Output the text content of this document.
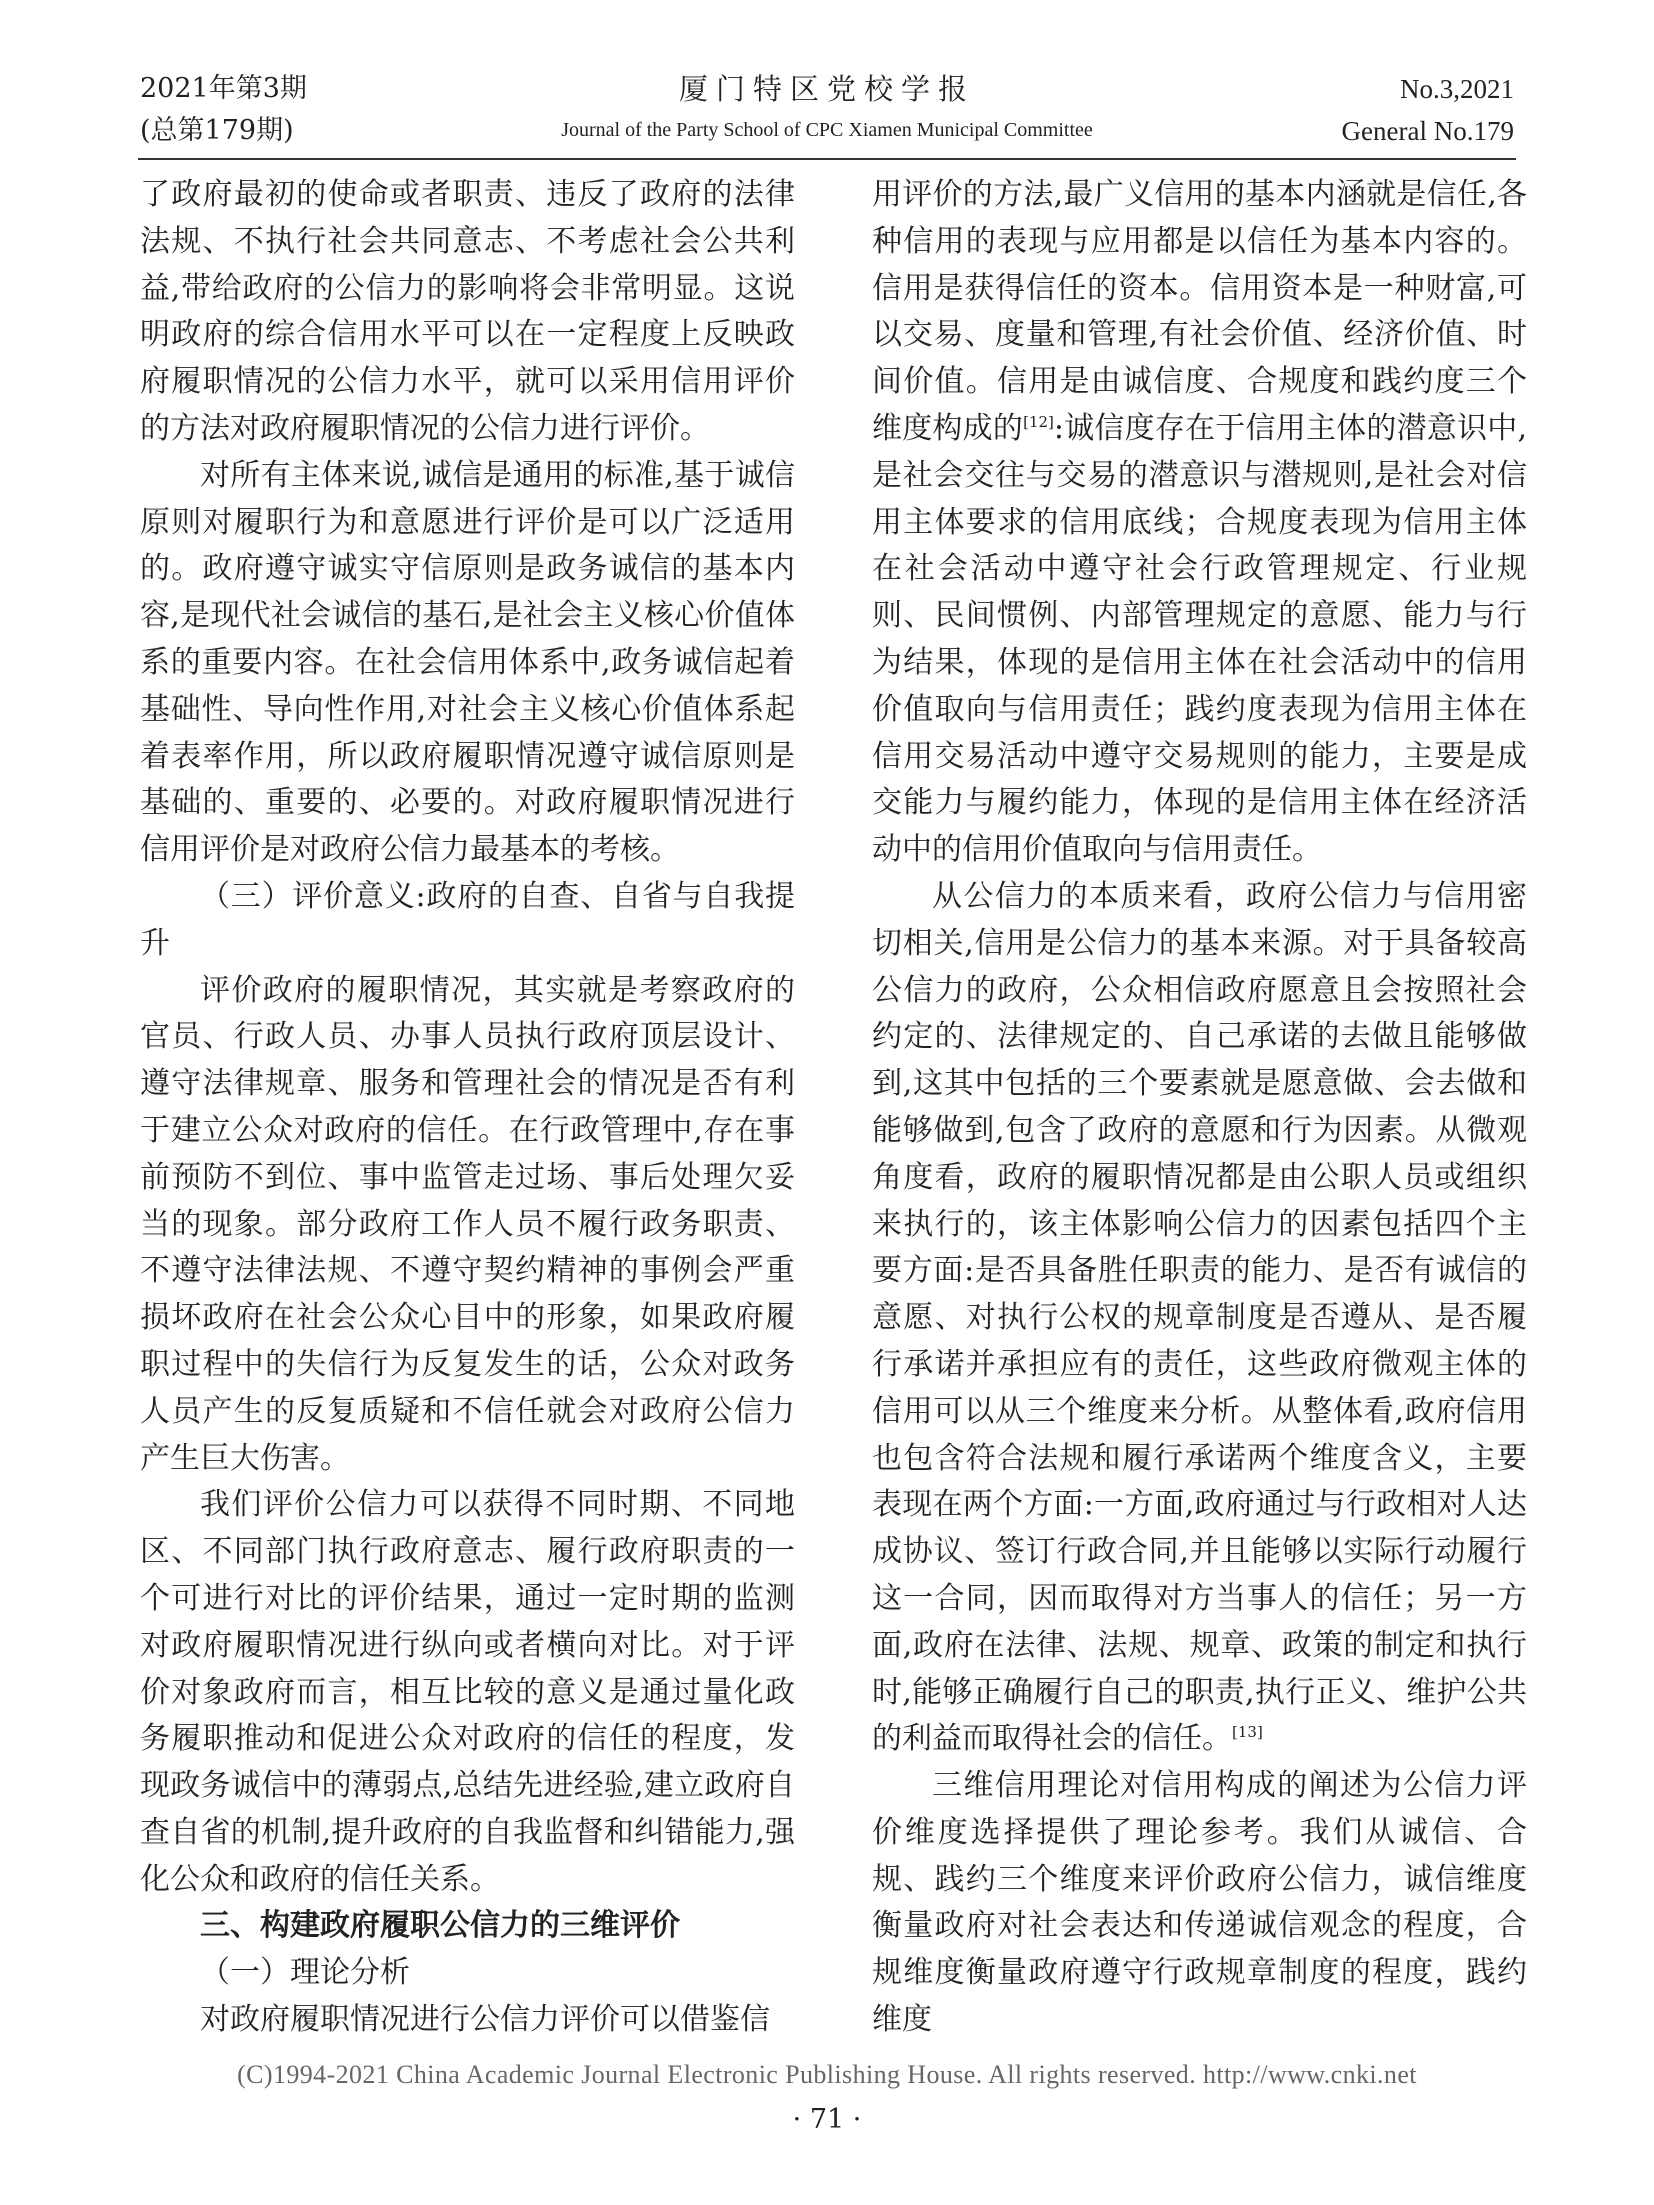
2021年第3期
(总第179期)
厦门特区党校学报
Journal of the Party School of CPC Xiamen Municipal Committee
No.3,2021
General No.179

了政府最初的使命或者职责、违反了政府的法律法规、不执行社会共同意志、不考虑社会公共利益,带给政府的公信力的影响将会非常明显。这说明政府的综合信用水平可以在一定程度上反映政府履职情况的公信力水平，就可以采用信用评价的方法对政府履职情况的公信力进行评价。

对所有主体来说,诚信是通用的标准,基于诚信原则对履职行为和意愿进行评价是可以广泛适用的。政府遵守诚实守信原则是政务诚信的基本内容,是现代社会诚信的基石,是社会主义核心价值体系的重要内容。在社会信用体系中,政务诚信起着基础性、导向性作用,对社会主义核心价值体系起着表率作用，所以政府履职情况遵守诚信原则是基础的、重要的、必要的。对政府履职情况进行信用评价是对政府公信力最基本的考核。

（三）评价意义:政府的自查、自省与自我提升

评价政府的履职情况，其实就是考察政府的官员、行政人员、办事人员执行政府顶层设计、遵守法律规章、服务和管理社会的情况是否有利于建立公众对政府的信任。在行政管理中,存在事前预防不到位、事中监管走过场、事后处理欠妥当的现象。部分政府工作人员不履行政务职责、不遵守法律法规、不遵守契约精神的事例会严重损坏政府在社会公众心目中的形象，如果政府履职过程中的失信行为反复发生的话，公众对政务人员产生的反复质疑和不信任就会对政府公信力产生巨大伤害。

我们评价公信力可以获得不同时期、不同地区、不同部门执行政府意志、履行政府职责的一个可进行对比的评价结果，通过一定时期的监测对政府履职情况进行纵向或者横向对比。对于评价对象政府而言，相互比较的意义是通过量化政务履职推动和促进公众对政府的信任的程度，发现政务诚信中的薄弱点,总结先进经验,建立政府自查自省的机制,提升政府的自我监督和纠错能力,强化公众和政府的信任关系。

三、构建政府履职公信力的三维评价

（一）理论分析

对政府履职情况进行公信力评价可以借鉴信

用评价的方法,最广义信用的基本内涵就是信任,各种信用的表现与应用都是以信任为基本内容的。信用是获得信任的资本。信用资本是一种财富,可以交易、度量和管理,有社会价值、经济价值、时间价值。信用是由诚信度、合规度和践约度三个维度构成的[12]:诚信度存在于信用主体的潜意识中,是社会交往与交易的潜意识与潜规则,是社会对信用主体要求的信用底线；合规度表现为信用主体在社会活动中遵守社会行政管理规定、行业规则、民间惯例、内部管理规定的意愿、能力与行为结果，体现的是信用主体在社会活动中的信用价值取向与信用责任；践约度表现为信用主体在信用交易活动中遵守交易规则的能力，主要是成交能力与履约能力，体现的是信用主体在经济活动中的信用价值取向与信用责任。

从公信力的本质来看，政府公信力与信用密切相关,信用是公信力的基本来源。对于具备较高公信力的政府，公众相信政府愿意且会按照社会约定的、法律规定的、自己承诺的去做且能够做到,这其中包括的三个要素就是愿意做、会去做和能够做到,包含了政府的意愿和行为因素。从微观角度看，政府的履职情况都是由公职人员或组织来执行的，该主体影响公信力的因素包括四个主要方面:是否具备胜任职责的能力、是否有诚信的意愿、对执行公权的规章制度是否遵从、是否履行承诺并承担应有的责任，这些政府微观主体的信用可以从三个维度来分析。从整体看,政府信用也包含符合法规和履行承诺两个维度含义，主要表现在两个方面:一方面,政府通过与行政相对人达成协议、签订行政合同,并且能够以实际行动履行这一合同，因而取得对方当事人的信任；另一方面,政府在法律、法规、规章、政策的制定和执行时,能够正确履行自己的职责,执行正义、维护公共的利益而取得社会的信任。[13]

三维信用理论对信用构成的阐述为公信力评价维度选择提供了理论参考。我们从诚信、合规、践约三个维度来评价政府公信力，诚信维度衡量政府对社会表达和传递诚信观念的程度，合规维度衡量政府遵守行政规章制度的程度，践约维度

(C)1994-2021 China Academic Journal Electronic Publishing House. All rights reserved. http://www.cnki.net
· 71 ·
